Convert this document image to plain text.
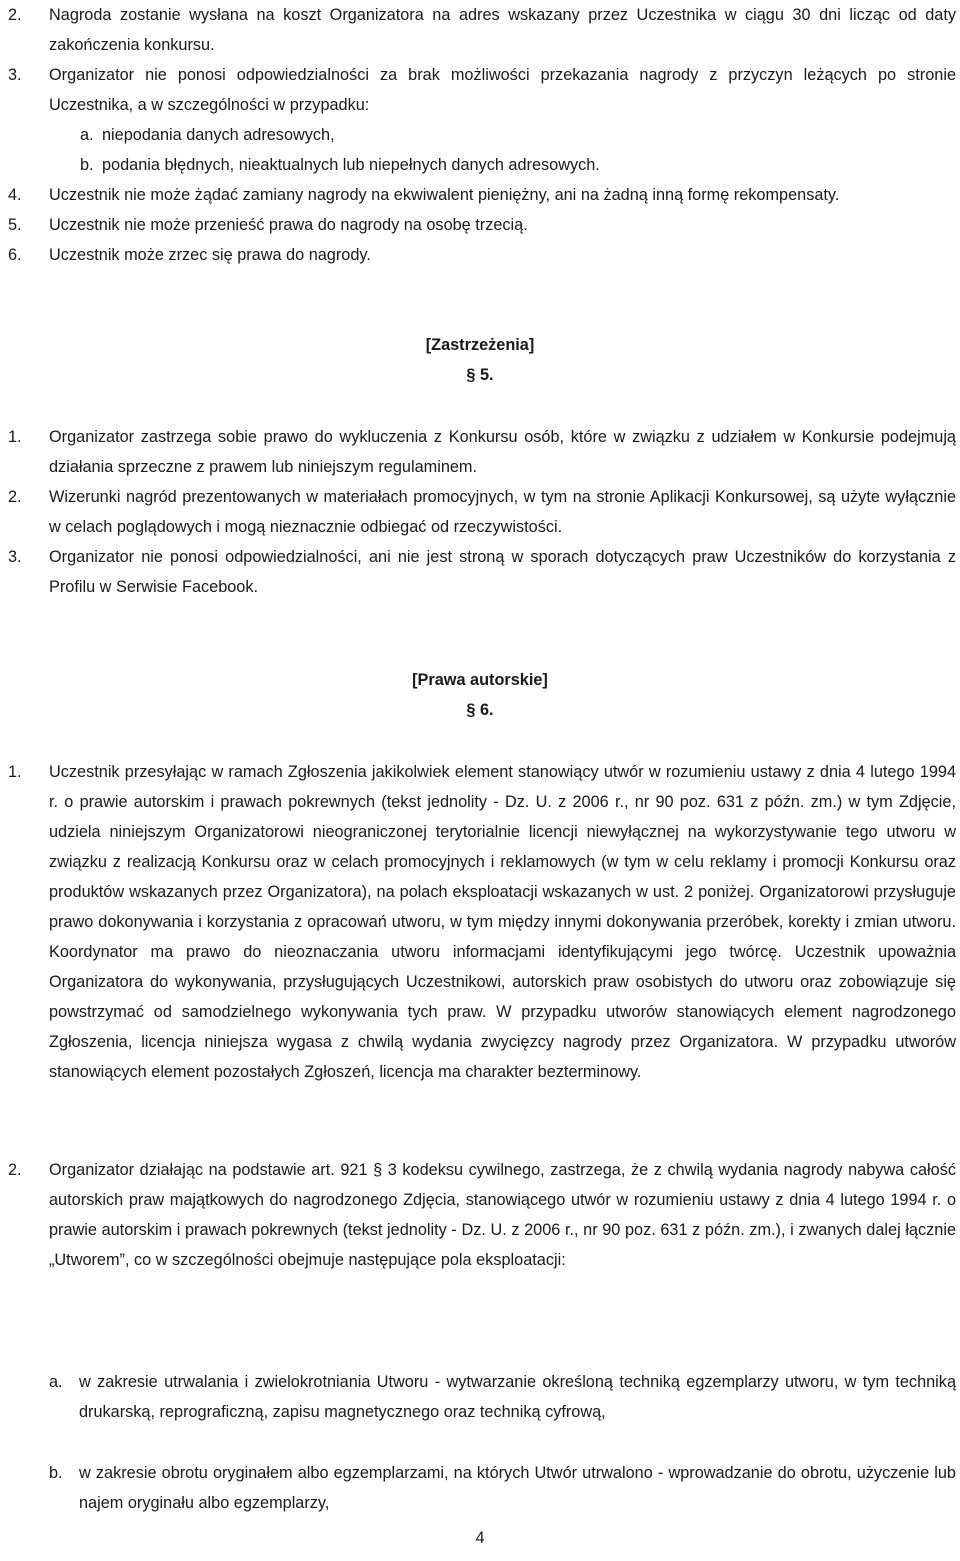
2.	Nagroda zostanie wysłana na koszt Organizatora na adres wskazany przez Uczestnika w ciągu 30 dni licząc od daty zakończenia konkursu.
3.	Organizator nie ponosi odpowiedzialności za brak możliwości przekazania nagrody z przyczyn leżących po stronie Uczestnika, a w szczególności w przypadku:
a. niepodania danych adresowych,
b. podania błędnych, nieaktualnych lub niepełnych danych adresowych.
4.	Uczestnik nie może żądać zamiany nagrody na ekwiwalent pieniężny, ani na żadną inną formę rekompensaty.
5.	Uczestnik nie może przenieść prawa do nagrody na osobę trzecią.
6.	Uczestnik może zrzec się prawa do nagrody.
[Zastrzeżenia]
§ 5.
1.	Organizator zastrzega sobie prawo do wykluczenia z Konkursu osób, które w związku z udziałem w Konkursie podejmują działania sprzeczne z prawem lub niniejszym regulaminem.
2.	Wizerunki nagród prezentowanych w materiałach promocyjnych, w tym na stronie Aplikacji Konkursowej, są użyte wyłącznie w celach poglądowych i mogą nieznacznie odbiegać od rzeczywistości.
3.	Organizator nie ponosi odpowiedzialności, ani nie jest stroną w sporach dotyczących praw Uczestników do korzystania z Profilu w Serwisie Facebook.
[Prawa autorskie]
§ 6.
1.	Uczestnik przesyłając w ramach Zgłoszenia jakikolwiek element stanowiący utwór w rozumieniu ustawy z dnia 4 lutego 1994 r. o prawie autorskim i prawach pokrewnych (tekst jednolity - Dz. U. z 2006 r., nr 90 poz. 631 z późn. zm.) w tym Zdjęcie, udziela niniejszym Organizatorowi nieograniczonej terytorialnie licencji niewyłącznej na wykorzystywanie tego utworu w związku z realizacją Konkursu oraz w celach promocyjnych i reklamowych (w tym w celu reklamy i promocji Konkursu oraz produktów wskazanych przez Organizatora), na polach eksploatacji wskazanych w ust. 2 poniżej. Organizatorowi przysługuje prawo dokonywania i korzystania z opracowań utworu, w tym między innymi dokonywania przeróbek, korekty i zmian utworu. Koordynator ma prawo do nieoznaczania utworu informacjami identyfikującymi jego twórcę. Uczestnik upoważnia Organizatora do wykonywania, przysługujących Uczestnikowi, autorskich praw osobistych do utworu oraz zobowiązuje się powstrzymać od samodzielnego wykonywania tych praw. W przypadku utworów stanowiących element nagrodzonego Zgłoszenia, licencja niniejsza wygasa z chwilą wydania zwycięzcy nagrody przez Organizatora. W przypadku utworów stanowiących element pozostałych Zgłoszeń, licencja ma charakter bezterminowy.
2.	Organizator działając na podstawie art. 921 § 3 kodeksu cywilnego, zastrzega, że z chwilą wydania nagrody nabywa całość autorskich praw majątkowych do nagrodzonego Zdjęcia, stanowiącego utwór w rozumieniu ustawy z dnia 4 lutego 1994 r. o prawie autorskim i prawach pokrewnych (tekst jednolity - Dz. U. z 2006 r., nr 90 poz. 631 z późn. zm.), i zwanych dalej łącznie „Utworem”, co w szczególności obejmuje następujące pola eksploatacji:
a.	w zakresie utrwalania i zwielokrotniania Utworu - wytwarzanie określoną techniką egzemplarzy utworu, w tym techniką drukarską, reprograficzną, zapisu magnetycznego oraz techniką cyfrową,
b.	w zakresie obrotu oryginałem albo egzemplarzami, na których Utwór utrwalono - wprowadzanie do obrotu, użyczenie lub najem oryginału albo egzemplarzy,
4
